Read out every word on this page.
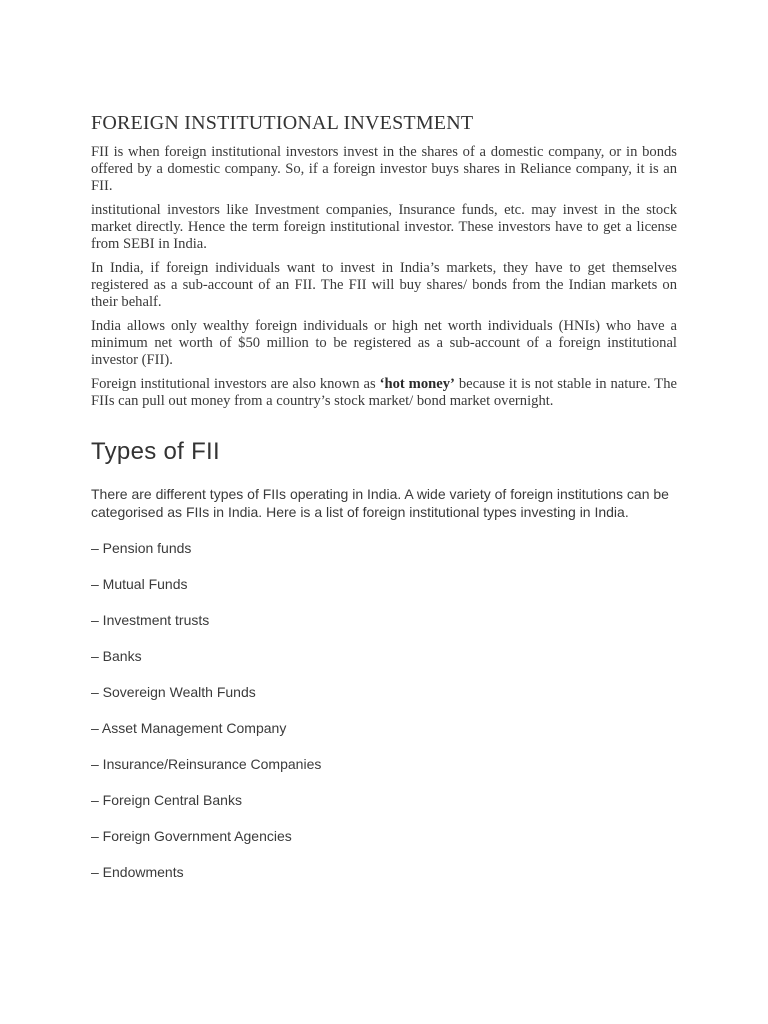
FOREIGN INSTITUTIONAL INVESTMENT

FII is when foreign institutional investors invest in the shares of a domestic company, or in bonds offered by a domestic company. So, if a foreign investor buys shares in Reliance company, it is an FII.

institutional investors like Investment companies, Insurance funds, etc. may invest in the stock market directly. Hence the term foreign institutional investor. These investors have to get a license from SEBI in India.

In India, if foreign individuals want to invest in India’s markets, they have to get themselves registered as a sub-account of an FII. The FII will buy shares/ bonds from the Indian markets on their behalf.

India allows only wealthy foreign individuals or high net worth individuals (HNIs) who have a minimum net worth of $50 million to be registered as a sub-account of a foreign institutional investor (FII).

Foreign institutional investors are also known as ‘hot money’ because it is not stable in nature. The FIIs can pull out money from a country’s stock market/ bond market overnight.

Types of FII

There are different types of FIIs operating in India. A wide variety of foreign institutions can be categorised as FIIs in India. Here is a list of foreign institutional types investing in India.

– Pension funds
– Mutual Funds
– Investment trusts
– Banks
– Sovereign Wealth Funds
– Asset Management Company
– Insurance/Reinsurance Companies
– Foreign Central Banks
– Foreign Government Agencies
– Endowments
